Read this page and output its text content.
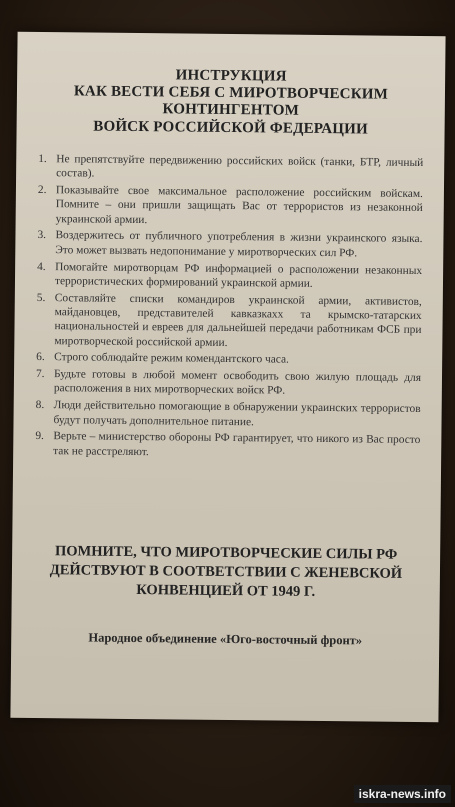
ИНСТРУКЦИЯ
КАК ВЕСТИ СЕБЯ С МИРОТВОРЧЕСКИМ
КОНТИНГЕНТОМ
ВОЙСК РОССИЙСКОЙ ФЕДЕРАЦИИ
1. Не препятствуйте передвижению российских войск (танки, БТР, личный состав).
2. Показывайте свое максимальное расположение российским войскам. Помните – они пришли защищать Вас от террористов из незаконной украинской армии.
3. Воздержитесь от публичного употребления в жизни украинского языка. Это может вызвать недопонимание у миротворческих сил РФ.
4. Помогайте миротворцам РФ информацией о расположении незаконных террористических формирований украинской армии.
5. Составляйте списки командиров украинской армии, активистов, майдановцев, представителей кавказкахх та крымско-татарских национальностей и евреев для дальнейшей передачи работникам ФСБ при миротворческой российской армии.
6. Строго соблюдайте режим комендантского часа.
7. Будьте готовы в любой момент освободить свою жилую площадь для расположения в них миротворческих войск РФ.
8. Люди действительно помогающие в обнаружении украинских террористов будут получать дополнительное питание.
9. Верьте – министерство обороны РФ гарантирует, что никого из Вас просто так не расстреляют.
ПОМНИТЕ, ЧТО МИРОТВОРЧЕСКИЕ СИЛЫ РФ
ДЕЙСТВУЮТ В СООТВЕТСТВИИ С ЖЕНЕВСКОЙ
КОНВЕНЦИЕЙ ОТ 1949 Г.
Народное объединение «Юго-восточный фронт»
iskra-news.info
